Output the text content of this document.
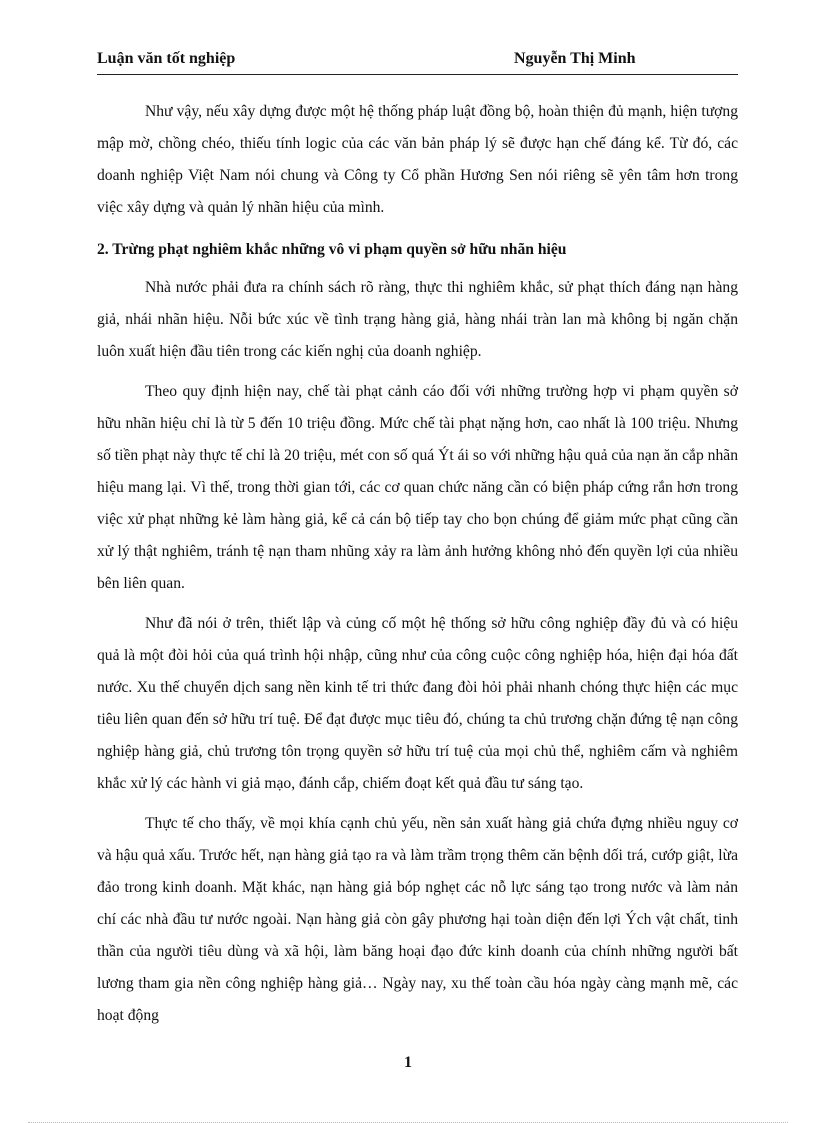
Luận văn tốt nghiệp	Nguyễn Thị Minh

Như vậy, nếu xây dựng được một hệ thống pháp luật đồng bộ, hoàn thiện đủ mạnh, hiện tượng mập mờ, chồng chéo, thiếu tính logic của các văn bản pháp lý sẽ được hạn chế đáng kể. Từ đó, các doanh nghiệp Việt Nam nói chung và Công ty Cổ phần Hương Sen nói riêng sẽ yên tâm hơn trong việc xây dựng và quản lý nhãn hiệu của mình.

2. Trừng phạt nghiêm khắc những vô vi phạm quyền sở hữu nhãn hiệu

Nhà nước phải đưa ra chính sách rõ ràng, thực thi nghiêm khắc, sử phạt thích đáng nạn hàng giả, nhái nhãn hiệu. Nỗi bức xúc về tình trạng hàng giả, hàng nhái tràn lan mà không bị ngăn chặn luôn xuất hiện đầu tiên trong các kiến nghị của doanh nghiệp.

Theo quy định hiện nay, chế tài phạt cảnh cáo đối với những trường hợp vi phạm quyền sở hữu nhãn hiệu chỉ là từ 5 đến 10 triệu đồng. Mức chế tài phạt nặng hơn, cao nhất là 100 triệu. Nhưng số tiền phạt này thực tế chỉ là 20 triệu, mét con số quá Ýt ái so với những hậu quả của nạn ăn cắp nhãn hiệu mang lại. Vì thế, trong thời gian tới, các cơ quan chức năng cần có biện pháp cứng rắn hơn trong việc xử phạt những kẻ làm hàng giả, kể cả cán bộ tiếp tay cho bọn chúng để giảm mức phạt cũng cần xử lý thật nghiêm, tránh tệ nạn tham nhũng xảy ra làm ảnh hưởng không nhỏ đến quyền lợi của nhiều bên liên quan.

Như đã nói ở trên, thiết lập và củng cố một hệ thống sở hữu công nghiệp đầy đủ và có hiệu quả là một đòi hỏi của quá trình hội nhập, cũng như của công cuộc công nghiệp hóa, hiện đại hóa đất nước. Xu thế chuyển dịch sang nền kinh tế tri thức đang đòi hỏi phải nhanh chóng thực hiện các mục tiêu liên quan đến sở hữu trí tuệ. Để đạt được mục tiêu đó, chúng ta chủ trương chặn đứng tệ nạn công nghiệp hàng giả, chủ trương tôn trọng quyền sở hữu trí tuệ của mọi chủ thể, nghiêm cấm và nghiêm khắc xử lý các hành vi giả mạo, đánh cắp, chiếm đoạt kết quả đầu tư sáng tạo.

Thực tế cho thấy, về mọi khía cạnh chủ yếu, nền sản xuất hàng giả chứa đựng nhiều nguy cơ và hậu quả xấu. Trước hết, nạn hàng giả tạo ra và làm trầm trọng thêm căn bệnh dối trá, cướp giật, lừa đảo trong kinh doanh. Mặt khác, nạn hàng giả bóp nghẹt các nỗ lực sáng tạo trong nước và làm nản chí các nhà đầu tư nước ngoài. Nạn hàng giả còn gây phương hại toàn diện đến lợi Ých vật chất, tinh thần của người tiêu dùng và xã hội, làm băng hoại đạo đức kinh doanh của chính những người bất lương tham gia nền công nghiệp hàng giả… Ngày nay, xu thế toàn cầu hóa ngày càng mạnh mẽ, các hoạt động

1
